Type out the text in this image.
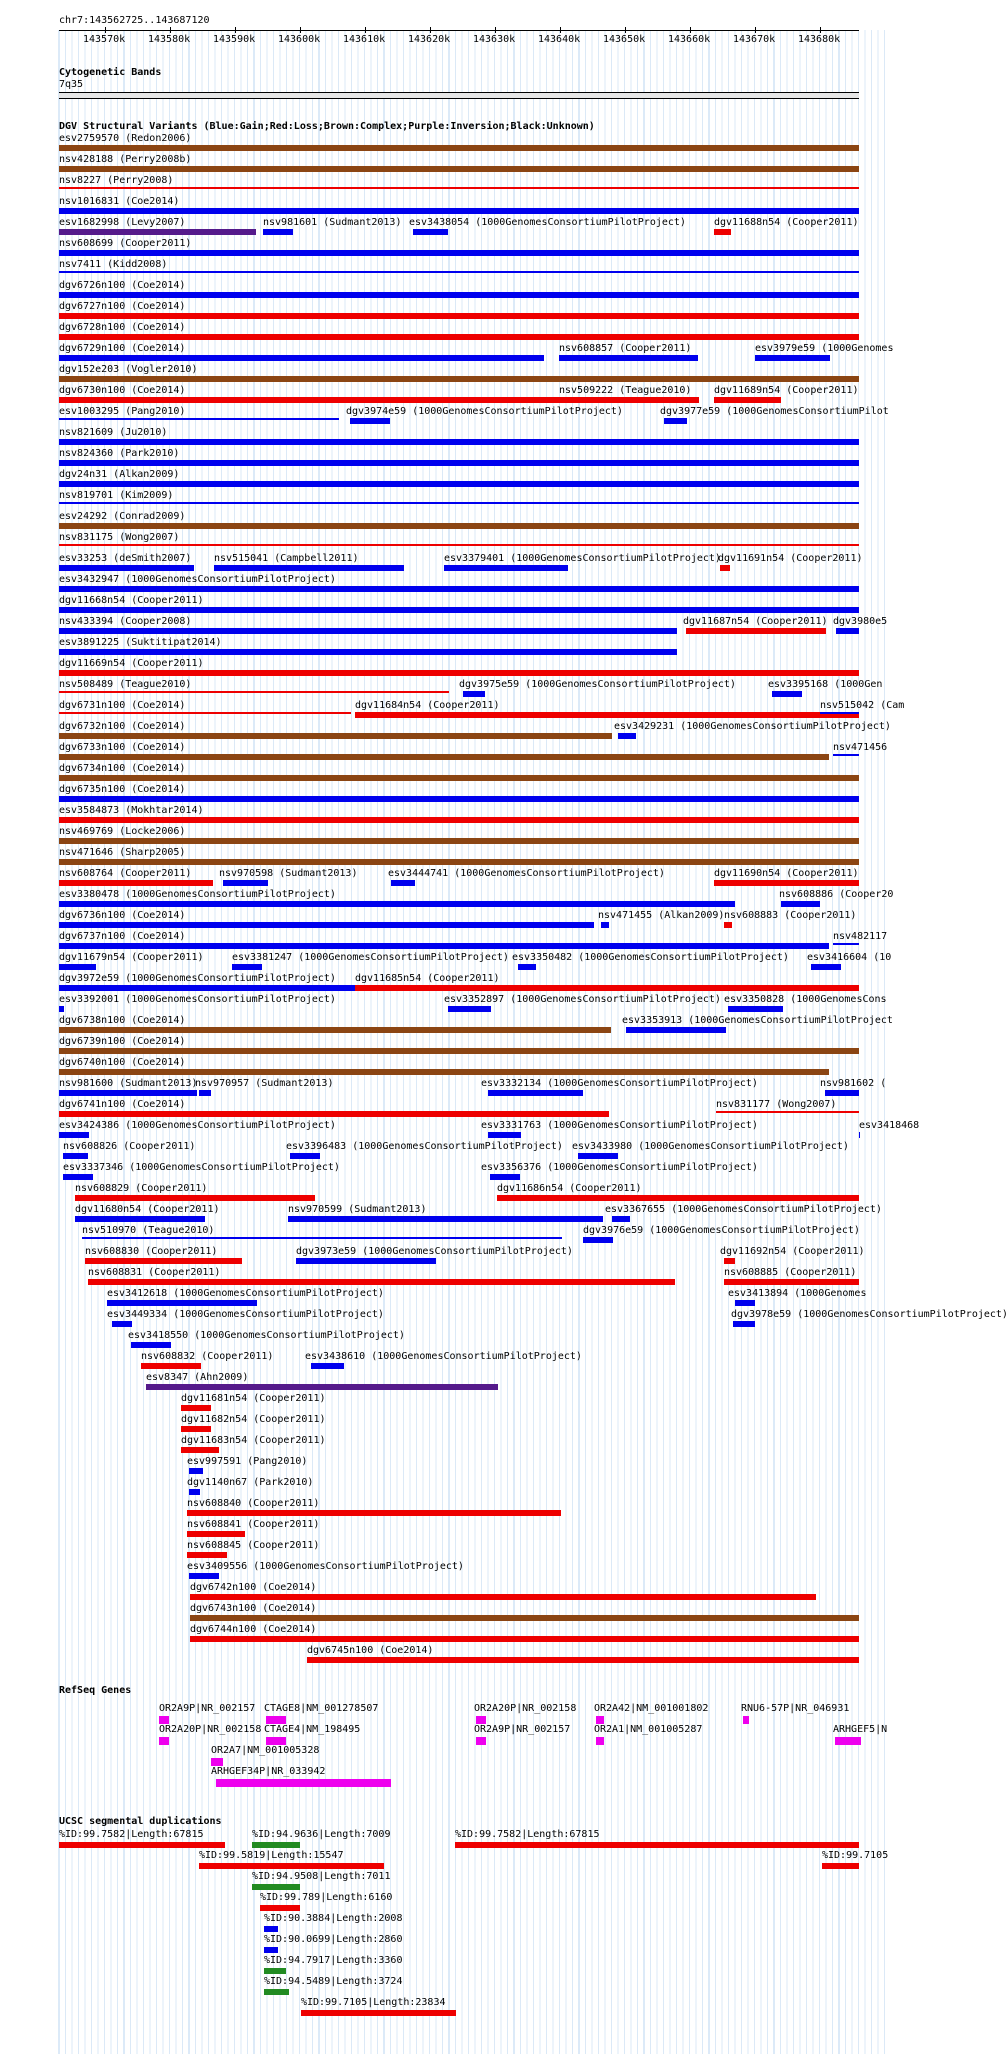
chr7:143562725..143687120
143570k 143580k 143590k 143600k 143610k 143620k 143630k 143640k 143650k 143660k 143670k 143680k
Cytogenetic Bands
7q35
DGV Structural Variants (Blue:Gain;Red:Loss;Brown:Complex;Purple:Inversion;Black:Unknown)
esv2759570 (Redon2006)
nsv428188 (Perry2008b)
nsv8227 (Perry2008)
nsv1016831 (Coe2014)
esv1682998 (Levy2007)	nsv981601 (Sudmant2013) esv3438054 (1000GenomesConsortiumPilotProject)	dgv11688n54 (Cooper2011)
nsv608699 (Cooper2011)
nsv7411 (Kidd2008)
dgv6726n100 (Coe2014)
dgv6727n100 (Coe2014)
dgv6728n100 (Coe2014)
dgv6729n100 (Coe2014)	nsv608857 (Cooper2011)	esv3979e59 (1000Genomes
dgv152e203 (Vogler2010)
dgv6730n100 (Coe2014)	nsv509222 (Teague2010) dgv11689n54 (Cooper2011)
esv1003295 (Pang2010)	dgv3974e59 (1000GenomesConsortiumPilotProject)	dgv3977e59 (1000GenomesConsortiumPilot
nsv821609 (Ju2010)
nsv824360 (Park2010)
dgv24n31 (Alkan2009)
nsv819701 (Kim2009)
esv24292 (Conrad2009)
nsv831175 (Wong2007)
esv33253 (deSmith2007) nsv515041 (Campbell2011)	esv3379401 (1000GenomesConsortiumPilotProject)
dgv11691n54 (Cooper2011)
esv3432947 (1000GenomesConsortiumPilotProject)
dgv11668n54 (Cooper2011)
nsv433394 (Cooper2008)	dgv11687n54 (Cooper2011) dgv3980e5
esv3891225 (Suktitipat2014)
dgv11669n54 (Cooper2011)
nsv508489 (Teague2010)	dgv3975e59 (1000GenomesConsortiumPilotProject)	esv3395168 (1000Gen
dgv6731n100 (Coe2014)	dgv11684n54 (Cooper2011)	nsv515042 (Cam
dgv6732n100 (Coe2014)	esv3429231 (1000GenomesConsortiumPilotProject)
dgv6733n100 (Coe2014)	nsv471456
dgv6734n100 (Coe2014)
dgv6735n100 (Coe2014)
esv3584873 (Mokhtar2014)
nsv469769 (Locke2006)
nsv471646 (Sharp2005)
nsv608764 (Cooper2011)	nsv970598 (Sudmant2013)	esv3444741 (1000GenomesConsortiumPilotProject)	dgv11690n54 (Cooper2011)
esv3380478 (1000GenomesConsortiumPilotProject)	nsv608886 (Cooper20
dgv6736n100 (Coe2014)	nsv471455 (Alkan2009) nsv608883 (Cooper2011)
dgv6737n100 (Coe2014)	nsv482117
dgv11679n54 (Cooper2011)	esv3381247 (1000GenomesConsortiumPilotProject) esv3350482 (1000GenomesConsortiumPilotProject) esv3416604 (10
dgv3972e59 (1000GenomesConsortiumPilotProject) dgv11685n54 (Cooper2011)
esv3392001 (1000GenomesConsortiumPilotProject)	esv3352897 (1000GenomesConsortiumPilotProject) esv3350828 (1000GenomesCons
dgv6738n100 (Coe2014)	esv3353913 (1000GenomesConsortiumPilotProject
dgv6739n100 (Coe2014)
dgv6740n100 (Coe2014)
nsv981600 (Sudmant2013)
nsv970957 (Sudmant2013)	esv3332134 (1000GenomesConsortiumPilotProject)	nsv981602 (
dgv6741n100 (Coe2014)	nsv831177 (Wong2007)
esv3424386 (1000GenomesConsortiumPilotProject)	esv3331763 (1000GenomesConsortiumPilotProject)	esv3418468
nsv608826 (Cooper2011)	esv3396483 (1000GenomesConsortiumPilotProject) esv3433980 (1000GenomesConsortiumPilotProject)
esv3337346 (1000GenomesConsortiumPilotProject)	esv3356376 (1000GenomesConsortiumPilotProject)
nsv608829 (Cooper2011)	dgv11686n54 (Cooper2011)
dgv11680n54 (Cooper2011)	nsv970599 (Sudmant2013)	esv3367655 (1000GenomesConsortiumPilotProject)
nsv510970 (Teague2010)	dgv3976e59 (1000GenomesConsortiumPilotProject)
nsv608830 (Cooper2011)	dgv3973e59 (1000GenomesConsortiumPilotProject)	dgv11692n54 (Cooper2011)
nsv608831 (Cooper2011)	nsv608885 (Cooper2011)
esv3412618 (1000GenomesConsortiumPilotProject)	esv3413894 (1000Genomes
esv3449334 (1000GenomesConsortiumPilotProject)	dgv3978e59 (1000GenomesConsortiumPilotProject)
esv3418550 (1000GenomesConsortiumPilotProject)
nsv608832 (Cooper2011)	esv3438610 (1000GenomesConsortiumPilotProject)
esv8347 (Ahn2009)
dgv11681n54 (Cooper2011)
dgv11682n54 (Cooper2011)
dgv11683n54 (Cooper2011)
esv997591 (Pang2010)
dgv1140n67 (Park2010)
nsv608840 (Cooper2011)
nsv608841 (Cooper2011)
nsv608845 (Cooper2011)
esv3409556 (1000GenomesConsortiumPilotProject)
dgv6742n100 (Coe2014)
dgv6743n100 (Coe2014)
dgv6744n100 (Coe2014)
dgv6745n100 (Coe2014)
RefSeq Genes
OR2A9P|NR_002157 CTAGE8|NM_001278507	OR2A20P|NR_002158 OR2A42|NM_001001802	RNU6-57P|NR_046931
OR2A20P|NR_002158 CTAGE4|NM_198495	OR2A9P|NR_002157 OR2A1|NM_001005287	ARHGEF5|N
OR2A7|NM_001005328
ARHGEF34P|NR_033942
UCSC segmental duplications
%ID:99.7582|Length:67815	%ID:94.9636|Length:7009	%ID:99.7582|Length:67815
%ID:99.5819|Length:15547	%ID:99.7105
%ID:94.9508|Length:7011
%ID:99.789|Length:6160
%ID:90.3884|Length:2008
%ID:90.0699|Length:2860
%ID:94.7917|Length:3360
%ID:94.5489|Length:3724
%ID:99.7105|Length:23834
